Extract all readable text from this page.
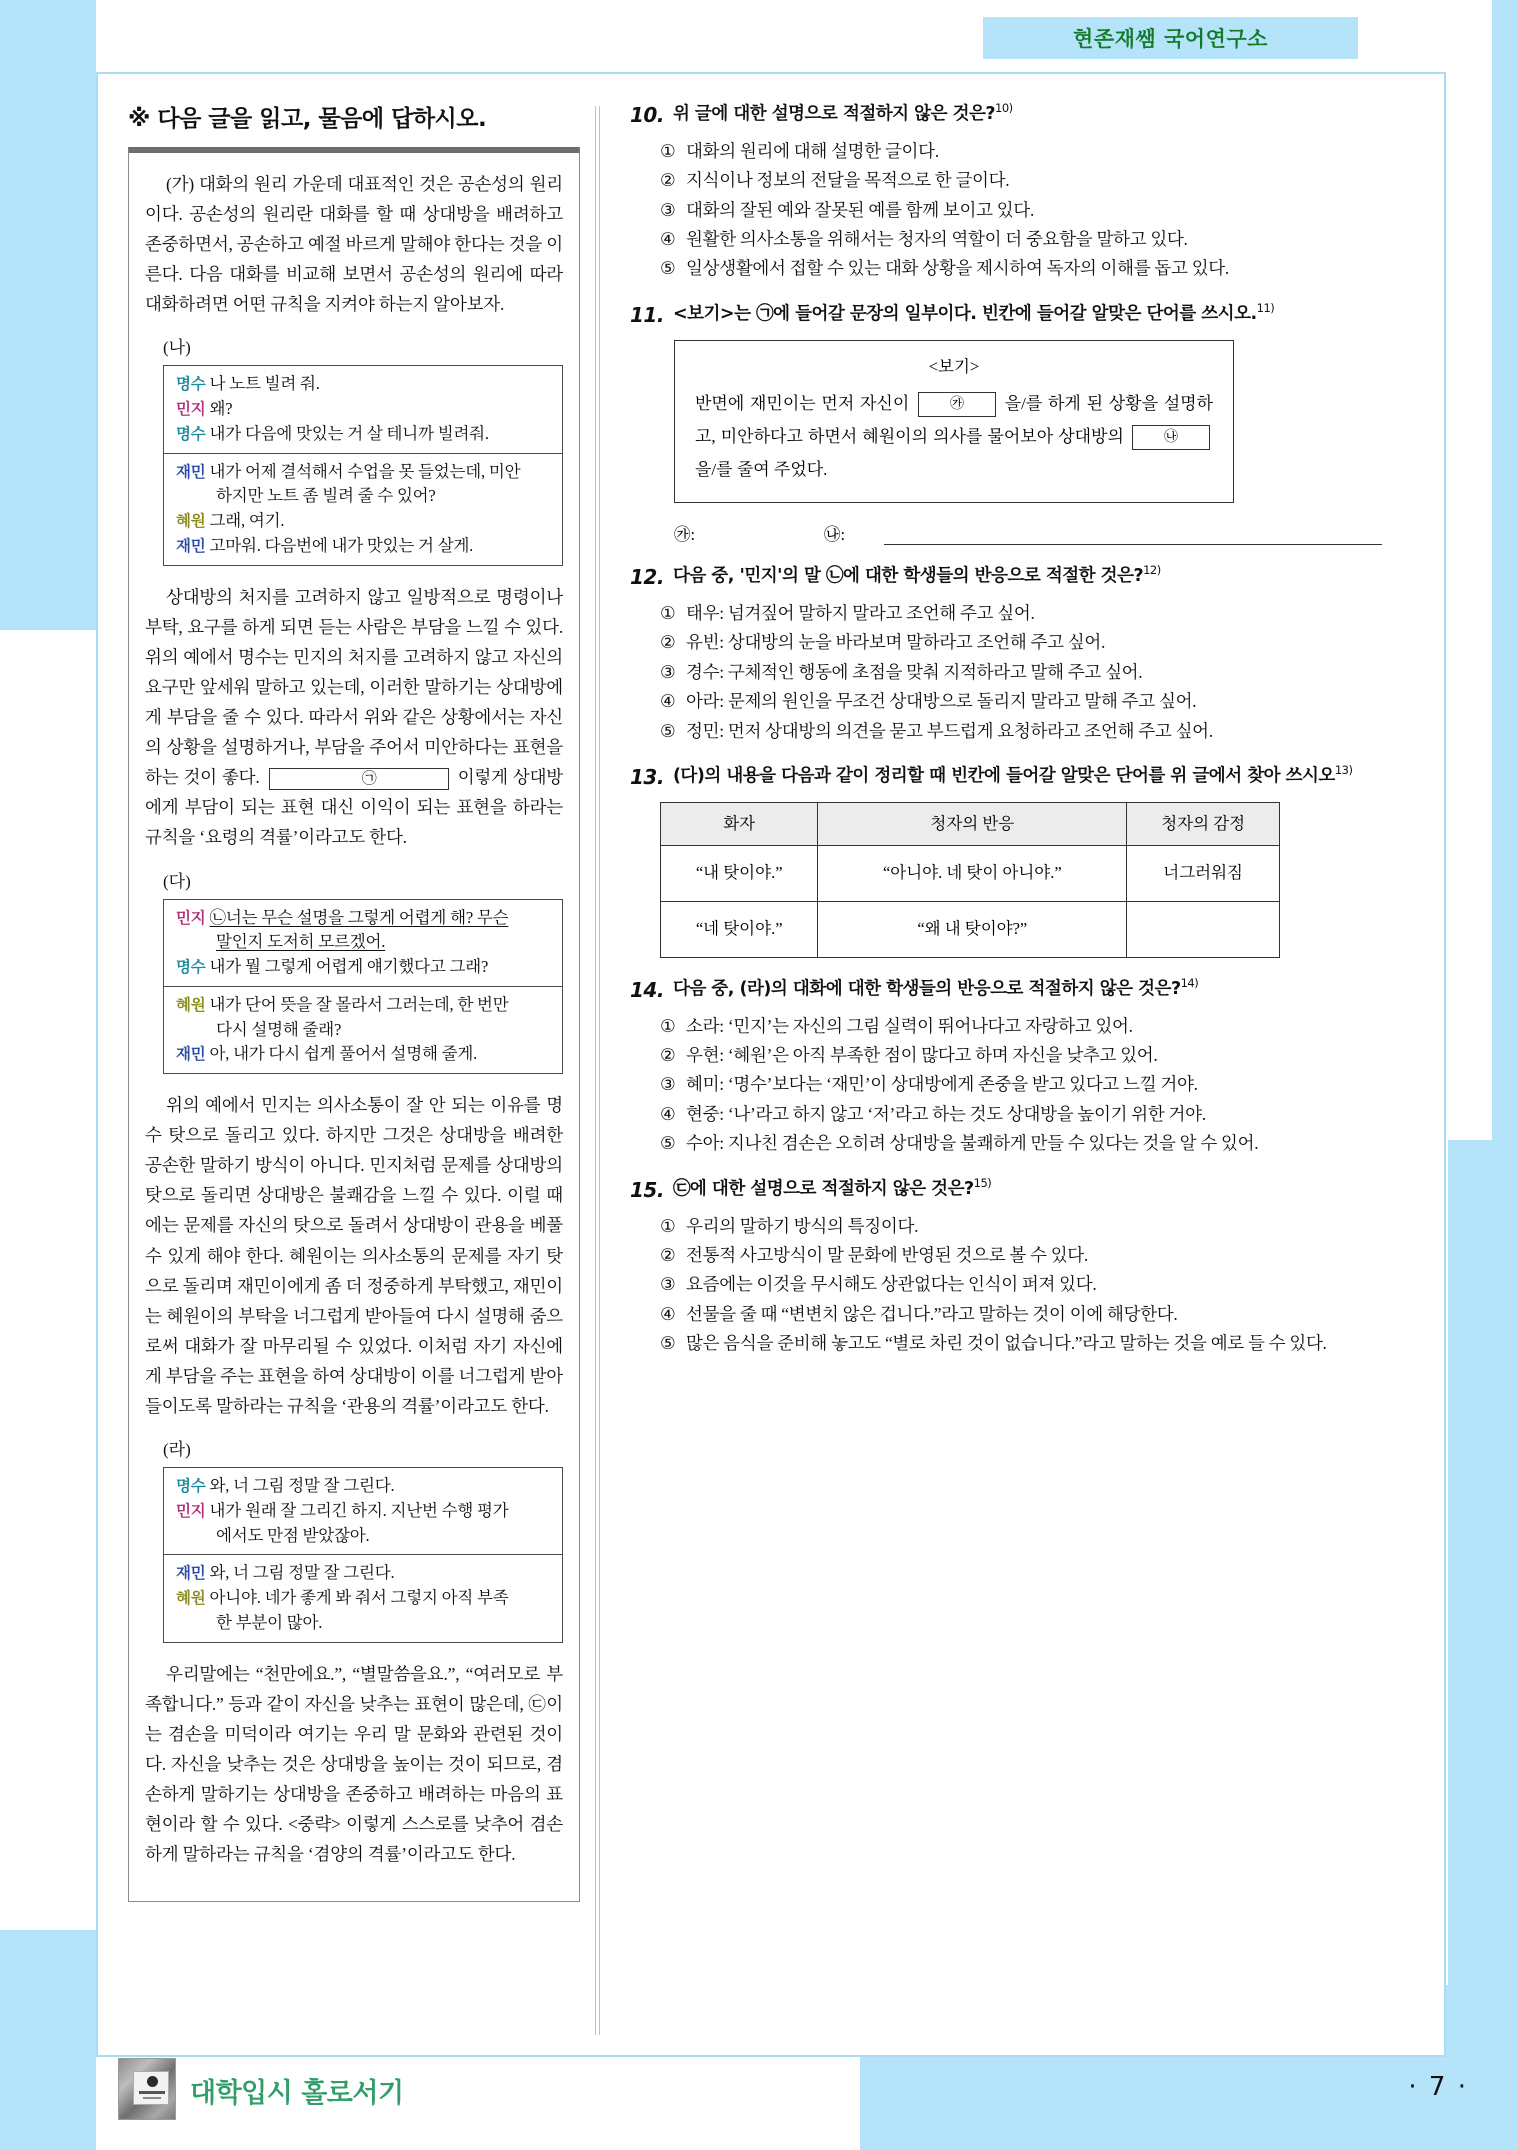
현존재쌤 국어연구소
※ 다음 글을 읽고, 물음에 답하시오.
(가) 대화의 원리 가운데 대표적인 것은 공손성의 원리이다. 공손성의 원리란 대화를 할 때 상대방을 배려하고 존중하면서, 공손하고 예절 바르게 말해야 한다는 것을 이른다. 다음 대화를 비교해 보면서 공손성의 원리에 따라 대화하려면 어떤 규칙을 지켜야 하는지 알아보자.
(나)
명수 나 노트 빌려 줘.
민지 왜?
명수 내가 다음에 맛있는 거 살 테니까 빌려줘.
재민 내가 어제 결석해서 수업을 못 들었는데, 미안
하지만 노트 좀 빌려 줄 수 있어?
혜원 그래, 여기.
재민 고마워. 다음번에 내가 맛있는 거 살게.
상대방의 처지를 고려하지 않고 일방적으로 명령이나 부탁, 요구를 하게 되면 듣는 사람은 부담을 느낄 수 있다. 위의 예에서 명수는 민지의 처지를 고려하지 않고 자신의 요구만 앞세워 말하고 있는데, 이러한 말하기는 상대방에게 부담을 줄 수 있다. 따라서 위와 같은 상황에서는 자신의 상황을 설명하거나, 부담을 주어서 미안하다는 표현을 하는 것이 좋다.	㉠	이렇게 상대방에게 부담이 되는 표현 대신 이익이 되는 표현을 하라는 규칙을 ‘요령의 격률’이라고도 한다.
(다)
민지 ㉡너는 무슨 설명을 그렇게 어렵게 해? 무슨
말인지 도저히 모르겠어.
명수 내가 뭘 그렇게 어렵게 얘기했다고 그래?
혜원 내가 단어 뜻을 잘 몰라서 그러는데, 한 번만
다시 설명해 줄래?
재민 아, 내가 다시 쉽게 풀어서 설명해 줄게.
위의 예에서 민지는 의사소통이 잘 안 되는 이유를 명수 탓으로 돌리고 있다. 하지만 그것은 상대방을 배려한 공손한 말하기 방식이 아니다. 민지처럼 문제를 상대방의 탓으로 돌리면 상대방은 불쾌감을 느낄 수 있다. 이럴 때에는 문제를 자신의 탓으로 돌려서 상대방이 관용을 베풀 수 있게 해야 한다. 혜원이는 의사소통의 문제를 자기 탓으로 돌리며 재민이에게 좀 더 정중하게 부탁했고, 재민이는 혜원이의 부탁을 너그럽게 받아들여 다시 설명해 줌으로써 대화가 잘 마무리될 수 있었다. 이처럼 자기 자신에게 부담을 주는 표현을 하여 상대방이 이를 너그럽게 받아들이도록 말하라는 규칙을 ‘관용의 격률’이라고도 한다.
(라)
명수 와, 너 그림 정말 잘 그린다.
민지 내가 원래 잘 그리긴 하지. 지난번 수행 평가
에서도 만점 받았잖아.
재민 와, 너 그림 정말 잘 그린다.
혜원 아니야. 네가 좋게 봐 줘서 그렇지 아직 부족
한 부분이 많아.
우리말에는 “천만에요.”, “별말씀을요.”, “여러모로 부족합니다.” 등과 같이 자신을 낮추는 표현이 많은데, ㉢이는 겸손을 미덕이라 여기는 우리 말 문화와 관련된 것이다. 자신을 낮추는 것은 상대방을 높이는 것이 되므로, 겸손하게 말하기는 상대방을 존중하고 배려하는 마음의 표현이라 할 수 있다. <중략> 이렇게 스스로를 낮추어 겸손하게 말하라는 규칙을 ‘겸양의 격률’이라고도 한다.
10. 위 글에 대한 설명으로 적절하지 않은 것은?$^{10)}$
① 대화의 원리에 대해 설명한 글이다.
② 지식이나 정보의 전달을 목적으로 한 글이다.
③ 대화의 잘된 예와 잘못된 예를 함께 보이고 있다.
④ 원활한 의사소통을 위해서는 청자의 역할이 더 중요함을 말하고 있다.
⑤ 일상생활에서 접할 수 있는 대화 상황을 제시하여 독자의 이해를 돕고 있다.
11. <보기>는 ㉠에 들어갈 문장의 일부이다. 빈칸에 들어갈 알맞은 단어를 쓰시오.$^{11)}$
<보기>
반면에 재민이는 먼저 자신이	㉮ 을/를 하게 된 상황을 설명하고, 미안하다고 하면서 혜원이의 의사를 물어보아 상대방의	㉯ 을/를 줄여 주었다.
㉮:	㉯:
12. 다음 중, '민지'의 말 ㉡에 대한 학생들의 반응으로 적절한 것은?$^{12)}$
① 태우: 넘겨짚어 말하지 말라고 조언해 주고 싶어.
② 유빈: 상대방의 눈을 바라보며 말하라고 조언해 주고 싶어.
③ 경수: 구체적인 행동에 초점을 맞춰 지적하라고 말해 주고 싶어.
④ 아라: 문제의 원인을 무조건 상대방으로 돌리지 말라고 말해 주고 싶어.
⑤ 정민: 먼저 상대방의 의견을 묻고 부드럽게 요청하라고 조언해 주고 싶어.
13. (다)의 내용을 다음과 같이 정리할 때 빈칸에 들어갈 알맞은 단어를 위 글에서 찾아 쓰시오$^{13)}$
화자	청자의 반응	청자의 감정
“내 탓이야.”	“아니야. 네 탓이 아니야.”	너그러워짐
“네 탓이야.”	“왜 내 탓이야?”	
14. 다음 중, (라)의 대화에 대한 학생들의 반응으로 적절하지 않은 것은?$^{14)}$
① 소라: ‘민지’는 자신의 그림 실력이 뛰어나다고 자랑하고 있어.
② 우현: ‘혜원’은 아직 부족한 점이 많다고 하며 자신을 낮추고 있어.
③ 혜미: ‘명수’보다는 ‘재민’이 상대방에게 존중을 받고 있다고 느낄 거야.
④ 현중: ‘나’라고 하지 않고 ‘저’라고 하는 것도 상대방을 높이기 위한 거야.
⑤ 수아: 지나친 겸손은 오히려 상대방을 불쾌하게 만들 수 있다는 것을 알 수 있어.
15. ㉢에 대한 설명으로 적절하지 않은 것은?$^{15)}$
① 우리의 말하기 방식의 특징이다.
② 전통적 사고방식이 말 문화에 반영된 것으로 볼 수 있다.
③ 요즘에는 이것을 무시해도 상관없다는 인식이 퍼져 있다.
④ 선물을 줄 때 “변변치 않은 겁니다.”라고 말하는 것이 이에 해당한다.
⑤ 많은 음식을 준비해 놓고도 “별로 차린 것이 없습니다.”라고 말하는 것을 예로 들 수 있다.
대학입시 홀로서기	· 7 ·
